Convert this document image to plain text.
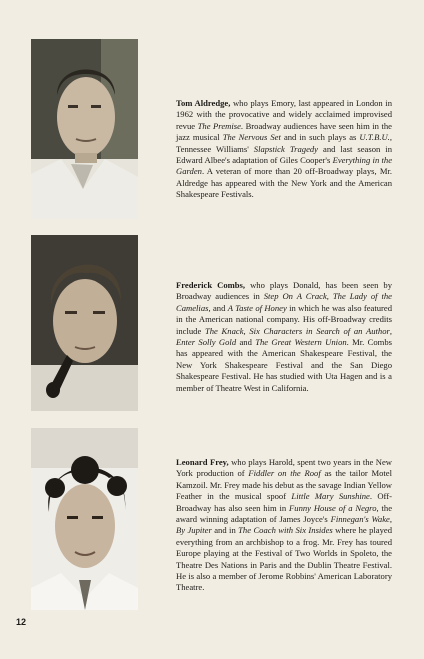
Tom Aldredge, who plays Emory, last appeared in London in 1962 with the provocative and widely acclaimed improvised revue The Premise. Broadway audiences have seen him in the jazz musical The Nervous Set and in such plays as U.T.B.U., Tennessee Williams' Slapstick Tragedy and last season in Edward Albee's adaptation of Giles Cooper's Everything in the Garden. A veteran of more than 20 off-Broadway plays, Mr. Aldredge has appeared with the New York and the American Shakespeare Festivals.

Frederick Combs, who plays Donald, has been seen by Broadway audiences in Step On A Crack, The Lady of the Camelias, and A Taste of Honey in which he was also featured in the American national company. His off-Broadway credits include The Knack, Six Characters in Search of an Author, Enter Solly Gold and The Great Western Union. Mr. Combs has appeared with the American Shakespeare Festival, the New York Shakespeare Festival and the San Diego Shakespeare Festival. He has studied with Uta Hagen and is a member of Theatre West in California.

Leonard Frey, who plays Harold, spent two years in the New York production of Fiddler on the Roof as the tailor Motel Kamzoil. Mr. Frey made his debut as the savage Indian Yellow Feather in the musical spoof Little Mary Sunshine. Off-Broadway has also seen him in Funny House of a Negro, the award winning adaptation of James Joyce's Finnegan's Wake, By Jupiter and in The Coach with Six Insides where he played everything from an archbishop to a frog. Mr. Frey has toured Europe playing at the Festival of Two Worlds in Spoleto, the Theatre Des Nations in Paris and the Dublin Theatre Festival. He is also a member of Jerome Robbins' American Laboratory Theatre.

12
